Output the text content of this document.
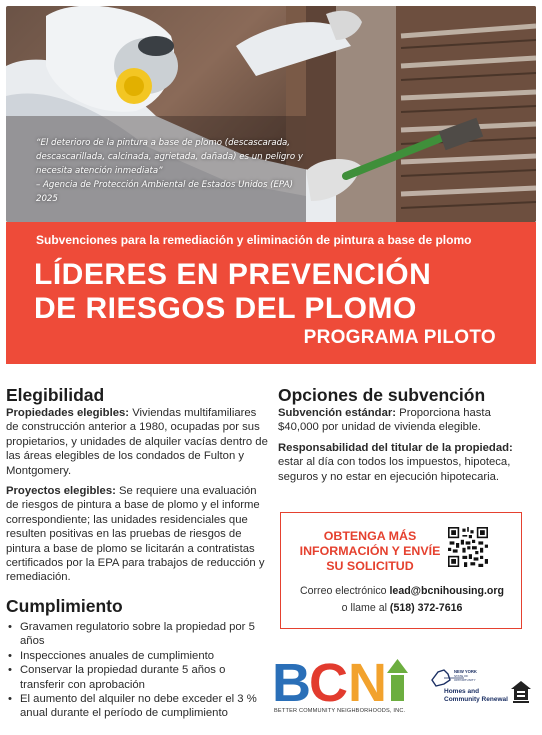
“El deterioro de la pintura a base de plomo (descascarada, descascarillada, calcinada, agrietada, dañada) es un peligro y necesita atención inmediata”
– Agencia de Protección Ambiental de Estados Unidos (EPA) 2025
Subvenciones para la remediación y eliminación de pintura a base de plomo
LÍDERES EN PREVENCIÓN
DE RIESGOS DEL PLOMO
PROGRAMA PILOTO
Elegibilidad

Propiedades elegibles: Viviendas multifamiliares de construcción anterior a 1980, ocupadas por sus propietarios, y unidades de alquiler vacías dentro de las áreas elegibles de los condados de Fulton y Montgomery.

Proyectos elegibles: Se requiere una evaluación de riesgos de pintura a base de plomo y el informe correspondiente; las unidades residenciales que resulten positivas en las pruebas de riesgos de pintura a base de plomo se licitarán a contratistas certificados por la EPA para trabajos de reducción y remediación.

Cumplimiento
• Gravamen regulatorio sobre la propiedad por 5 años
• Inspecciones anuales de cumplimiento
• Conservar la propiedad durante 5 años o transferir con aprobación
• El aumento del alquiler no debe exceder el 3 % anual durante el período de cumplimiento
Opciones de subvención

Subvención estándar: Proporciona hasta $40,000 por unidad de vivienda elegible.

Responsabilidad del titular de la propiedad: estar al día con todos los impuestos, hipoteca, seguros y no estar en ejecución hipotecaria.

OBTENGA MÁS INFORMACIÓN Y ENVÍE SU SOLICITUD
Correo electrónico lead@bcnihousing.org
o llame al (518) 372-7616
B
C N
BETTER COMMUNITY NEIGHBORHOODS, INC.
NEW YORK
STATE OF
OPPORTUNITY
Homes and
Community Renewal
